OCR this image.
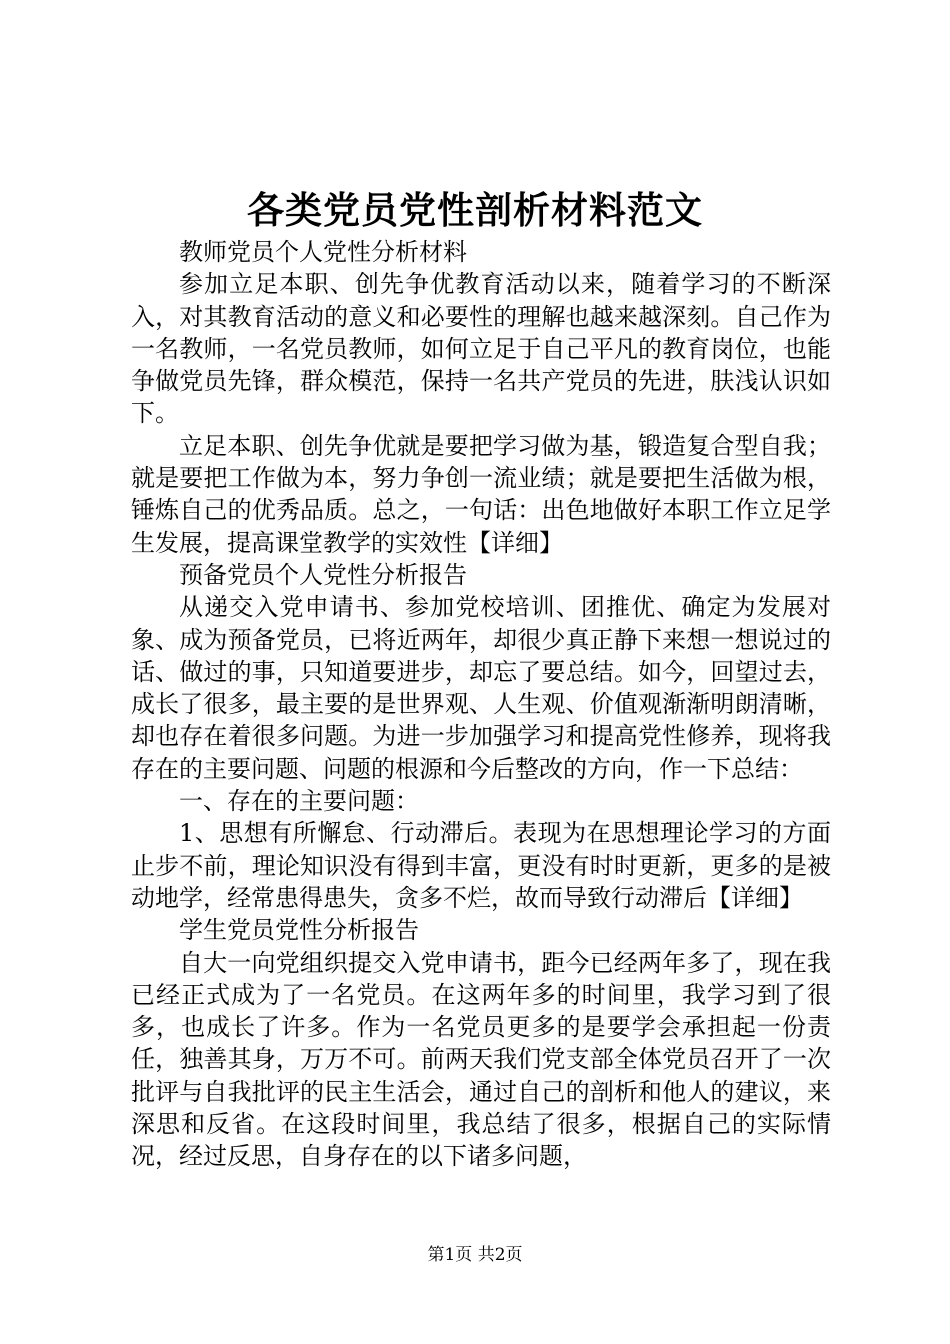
各类党员党性剖析材料范文

教师党员个人党性分析材料

参加立足本职、创先争优教育活动以来，随着学习的不断深入，对其教育活动的意义和必要性的理解也越来越深刻。自己作为一名教师，一名党员教师，如何立足于自己平凡的教育岗位，也能争做党员先锋，群众模范，保持一名共产党员的先进，肤浅认识如下。

立足本职、创先争优就是要把学习做为基，锻造复合型自我；就是要把工作做为本，努力争创一流业绩；就是要把生活做为根，锤炼自己的优秀品质。总之，一句话：出色地做好本职工作立足学生发展，提高课堂教学的实效性【详细】

预备党员个人党性分析报告

从递交入党申请书、参加党校培训、团推优、确定为发展对象、成为预备党员，已将近两年，却很少真正静下来想一想说过的话、做过的事，只知道要进步，却忘了要总结。如今，回望过去，成长了很多，最主要的是世界观、人生观、价值观渐渐明朗清晰，却也存在着很多问题。为进一步加强学习和提高党性修养，现将我存在的主要问题、问题的根源和今后整改的方向，作一下总结：

一、存在的主要问题：

1、思想有所懈怠、行动滞后。表现为在思想理论学习的方面止步不前，理论知识没有得到丰富，更没有时时更新，更多的是被动地学，经常患得患失，贪多不烂，故而导致行动滞后【详细】

学生党员党性分析报告

自大一向党组织提交入党申请书，距今已经两年多了，现在我已经正式成为了一名党员。在这两年多的时间里，我学习到了很多，也成长了许多。作为一名党员更多的是要学会承担起一份责任，独善其身，万万不可。前两天我们党支部全体党员召开了一次批评与自我批评的民主生活会，通过自己的剖析和他人的建议，来深思和反省。在这段时间里，我总结了很多，根据自己的实际情况，经过反思，自身存在的以下诸多问题，

第1页 共2页
